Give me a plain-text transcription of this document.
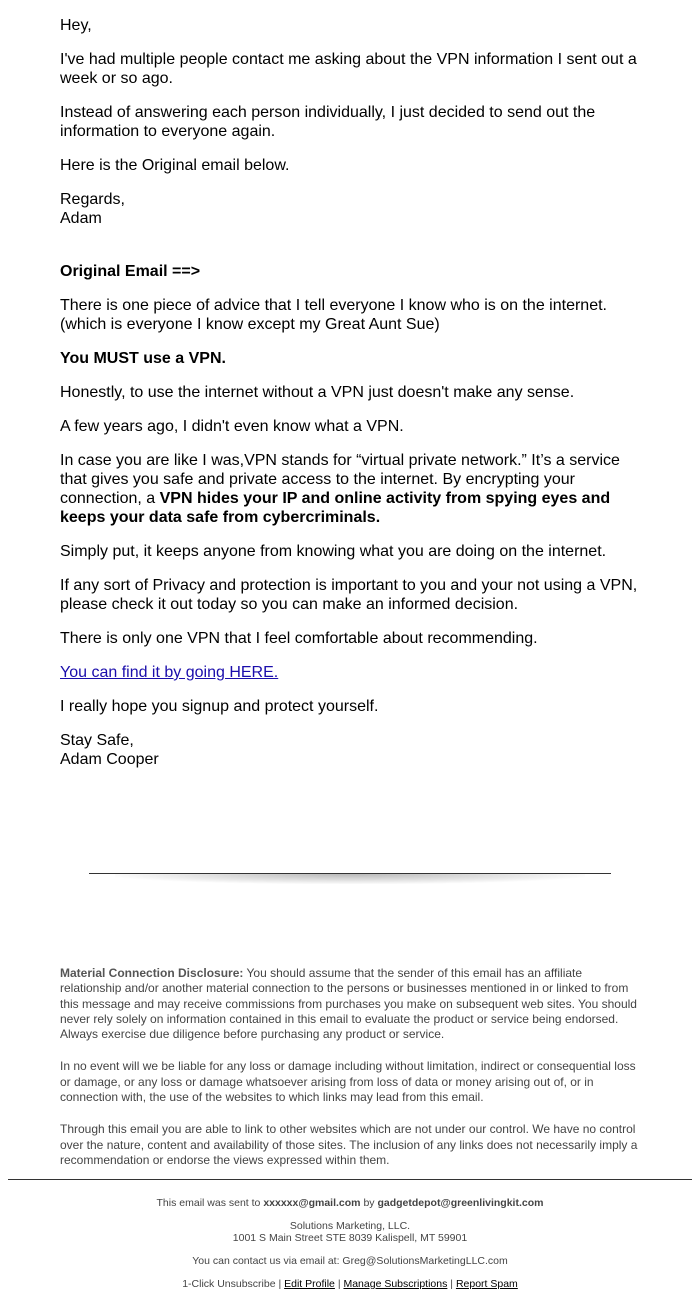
Hey,

I've had multiple people contact me asking about the VPN information I sent out a week or so ago.

Instead of answering each person individually, I just decided to send out the information to everyone again.

Here is the Original email below.

Regards,
Adam

Original Email ==>

There is one piece of advice that I tell everyone I know who is on the internet. (which is everyone I know except my Great Aunt Sue)

You MUST use a VPN.

Honestly, to use the internet without a VPN just doesn't make any sense.

A few years ago, I didn't even know what a VPN.

In case you are like I was,VPN stands for “virtual private network.” It’s a service that gives you safe and private access to the internet. By encrypting your connection, a VPN hides your IP and online activity from spying eyes and keeps your data safe from cybercriminals.

Simply put, it keeps anyone from knowing what you are doing on the internet.

If any sort of Privacy and protection is important to you and your not using a VPN, please check it out today so you can make an informed decision.

There is only one VPN that I feel comfortable about recommending.

You can find it by going HERE.

I really hope you signup and protect yourself.

Stay Safe,
Adam Cooper

Material Connection Disclosure: You should assume that the sender of this email has an affiliate relationship and/or another material connection to the persons or businesses mentioned in or linked to from this message and may receive commissions from purchases you make on subsequent web sites. You should never rely solely on information contained in this email to evaluate the product or service being endorsed. Always exercise due diligence before purchasing any product or service.

In no event will we be liable for any loss or damage including without limitation, indirect or consequential loss or damage, or any loss or damage whatsoever arising from loss of data or money arising out of, or in connection with, the use of the websites to which links may lead from this email.

Through this email you are able to link to other websites which are not under our control. We have no control over the nature, content and availability of those sites. The inclusion of any links does not necessarily imply a recommendation or endorse the views expressed within them.

This email was sent to xxxxxx@gmail.com by gadgetdepot@greenlivingkit.com
Solutions Marketing, LLC.
1001 S Main Street STE 8039 Kalispell, MT 59901
You can contact us via email at: Greg@SolutionsMarketingLLC.com
1-Click Unsubscribe | Edit Profile | Manage Subscriptions | Report Spam
